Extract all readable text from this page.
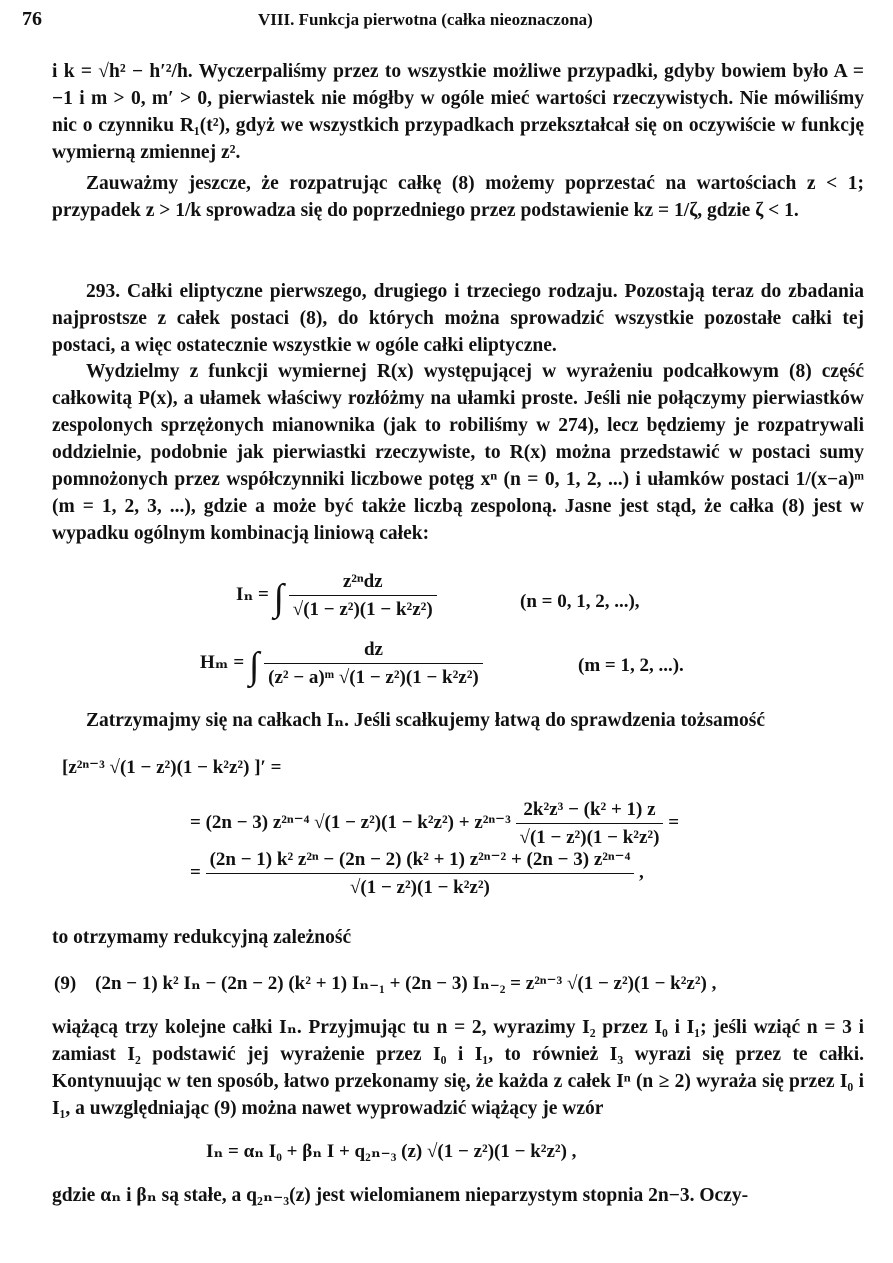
76	VIII. Funkcja pierwotna (całka nieoznaczona)

i k = √h² − h′²/h. Wyczerpaliśmy przez to wszystkie możliwe przypadki, gdyby bowiem było A = −1 i m > 0, m′ > 0, pierwiastek nie mógłby w ogóle mieć wartości rzeczywistych. Nie mówiliśmy nic o czynniku R₁(t²), gdyż we wszystkich przypadkach przekształcał się on oczywiście w funkcję wymierną zmiennej z².

Zauważmy jeszcze, że rozpatrując całkę (8) możemy poprzestać na wartościach z < 1; przypadek z > 1/k sprowadza się do poprzedniego przez podstawienie kz = 1/ζ, gdzie ζ < 1.

293. Całki eliptyczne pierwszego, drugiego i trzeciego rodzaju. Pozostają teraz do zbadania najprostsze z całek postaci (8), do których można sprowadzić wszystkie pozostałe całki tej postaci, a więc ostatecznie wszystkie w ogóle całki eliptyczne.

Wydzielmy z funkcji wymiernej R(x) występującej w wyrażeniu podcałkowym (8) część całkowitą P(x), a ułamek właściwy rozłóżmy na ułamki proste. Jeśli nie połączymy pierwiastków zespolonych sprzężonych mianownika (jak to robiliśmy w 274), lecz będziemy je rozpatrywali oddzielnie, podobnie jak pierwiastki rzeczywiste, to R(x) można przedstawić w postaci sumy pomnożonych przez współczynniki liczbowe potęg xⁿ (n = 0, 1, 2, ...) i ułamków postaci 1/(x−a)ᵐ (m = 1, 2, 3, ...), gdzie a może być także liczbą zespoloną. Jasne jest stąd, że całka (8) jest w wypadku ogólnym kombinacją liniową całek:

Iₙ = ∫ $\frac{\text{z²ⁿdz}}{\text{√(1 − z²)(1 − k²z²)}}$	(n = 0, 1, 2, ...),
Hₘ = ∫ $\frac{dz}{\text{(z² − a)ᵐ √(1 − z²)(1 − k²z²)}}$	(m = 1, 2, ...).

Zatrzymajmy się na całkach Iₙ. Jeśli scałkujemy łatwą do sprawdzenia tożsamość

[z²ⁿ⁻³ √(1 − z²)(1 − k²z²) ]′ =
= (2n − 3) z²ⁿ⁻⁴ $√(1 - z^2)(1 - k^2z^2) + z^{2n-3} \frac{\text{2k²z³ − (k² + 1) z}}{\text{√(1 − z²)(1 − k²z²)}}$ =
= $\frac{\text{(2n − 1) k² z²ⁿ − (2n − 2) (k² + 1) z²ⁿ⁻² + (2n − 3) z²ⁿ⁻⁴}}{\text{√(1 − z²)(1 − k²z²)}}$ ,

to otrzymamy redukcyjną zależność

(9) (2n − 1) k² Iₙ − (2n − 2) (k² + 1) Iₙ₋₁ + (2n − 3) Iₙ₋₂ = z²ⁿ⁻³ √(1 − z²)(1 − k²z²) ,

wiążącą trzy kolejne całki Iₙ. Przyjmując tu n = 2, wyrazimy I₂ przez I₀ i I₁; jeśli wziąć n = 3 i zamiast I₂ podstawić jej wyrażenie przez I₀ i I₁, to również I₃ wyrazi się przez te całki. Kontynuując w ten sposób, łatwo przekonamy się, że każda z całek Iⁿ (n ≥ 2) wyraża się przez I₀ i I₁, a uwzględniając (9) można nawet wyprowadzić wiążący je wzór

Iₙ = αₙ I₀ + βₙ I + q₂ₙ₋₃ (z) √(1 − z²)(1 − k²z²) ,

gdzie αₙ i βₙ są stałe, a q₂ₙ₋₃(z) jest wielomianem nieparzystym stopnia 2n−3. Oczy-
